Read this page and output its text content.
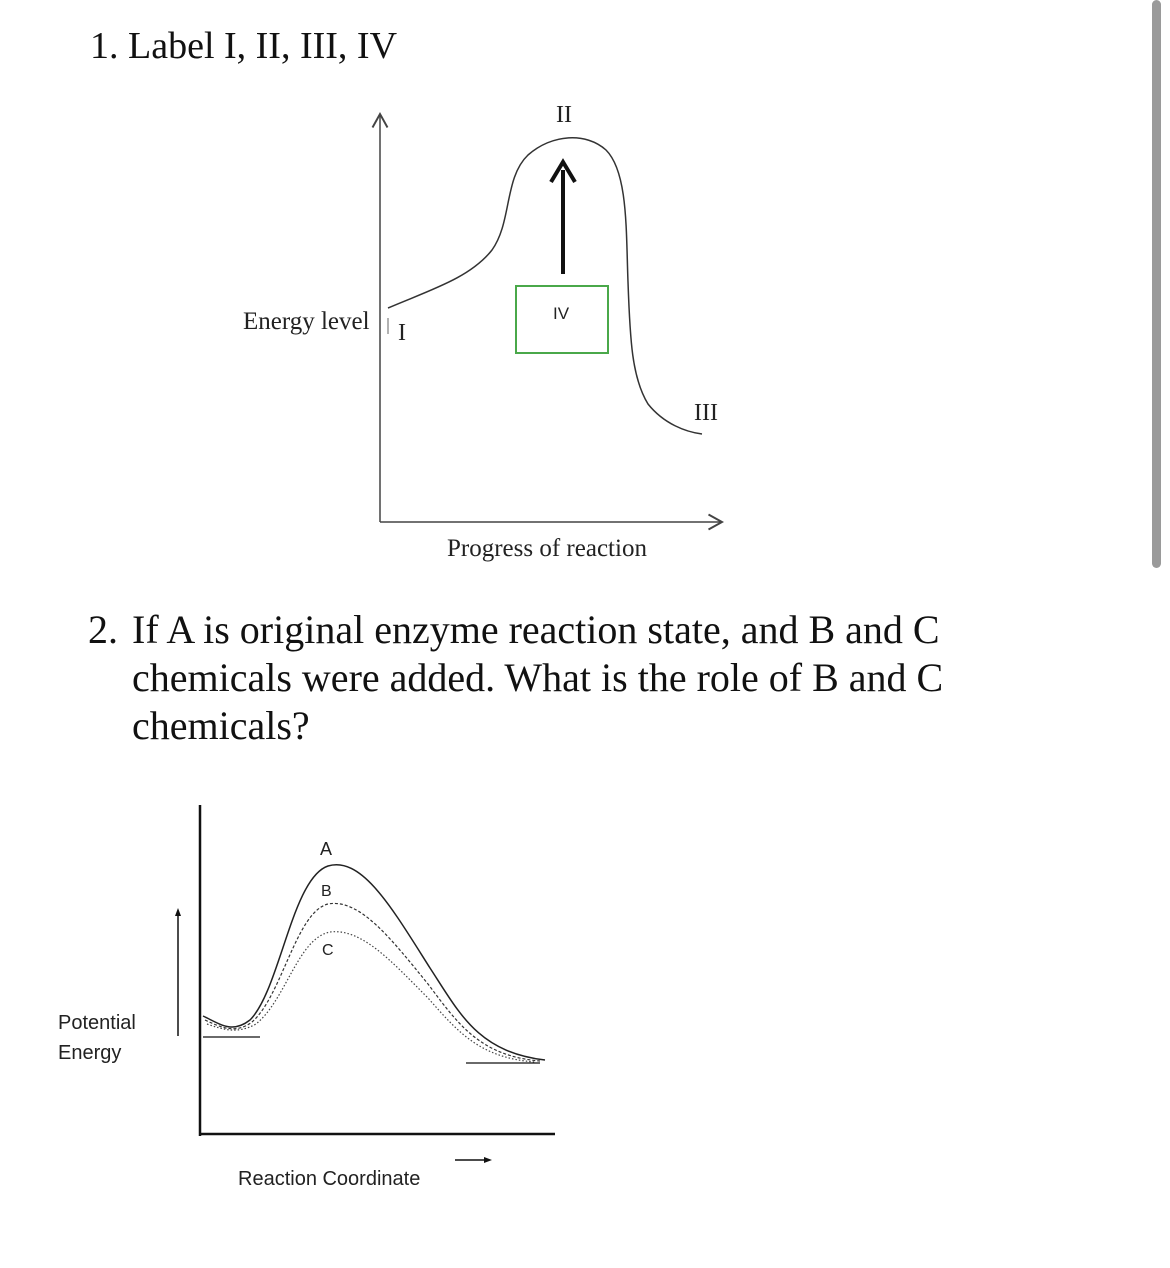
1. Label I, II, III, IV
Energy level I
II
III
IV
Progress of reaction
2. If A is original enzyme reaction state, and B and C chemicals were added. What is the role of B and C chemicals?
A
B
C
Potential
Energy
Reaction Coordinate
